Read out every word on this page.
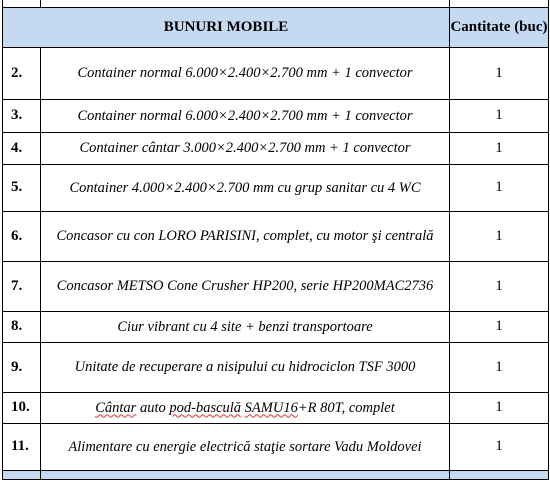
BUNURI MOBILE		Cantitate (buc)
2.	Container normal 6.000×2.400×2.700 mm + 1 convector	1
3.	Container normal 6.000×2.400×2.700 mm + 1 convector	1
4.	Container cântar 3.000×2.400×2.700 mm + 1 convector	1
5.	Container 4.000×2.400×2.700 mm cu grup sanitar cu 4 WC	1
6.	Concasor cu con LORO PARISINI, complet, cu motor şi centrală	1
7.	Concasor METSO Cone Crusher HP200, serie HP200MAC2736	1
8.	Ciur vibrant cu 4 site + benzi transportoare	1
9.	Unitate de recuperare a nisipului cu hidrociclon TSF 3000	1
10.	Cântar auto pod-basculă SAMU16+R 80T, complet	1
11.	Alimentare cu energie electrică staţie sortare Vadu Moldovei	1
